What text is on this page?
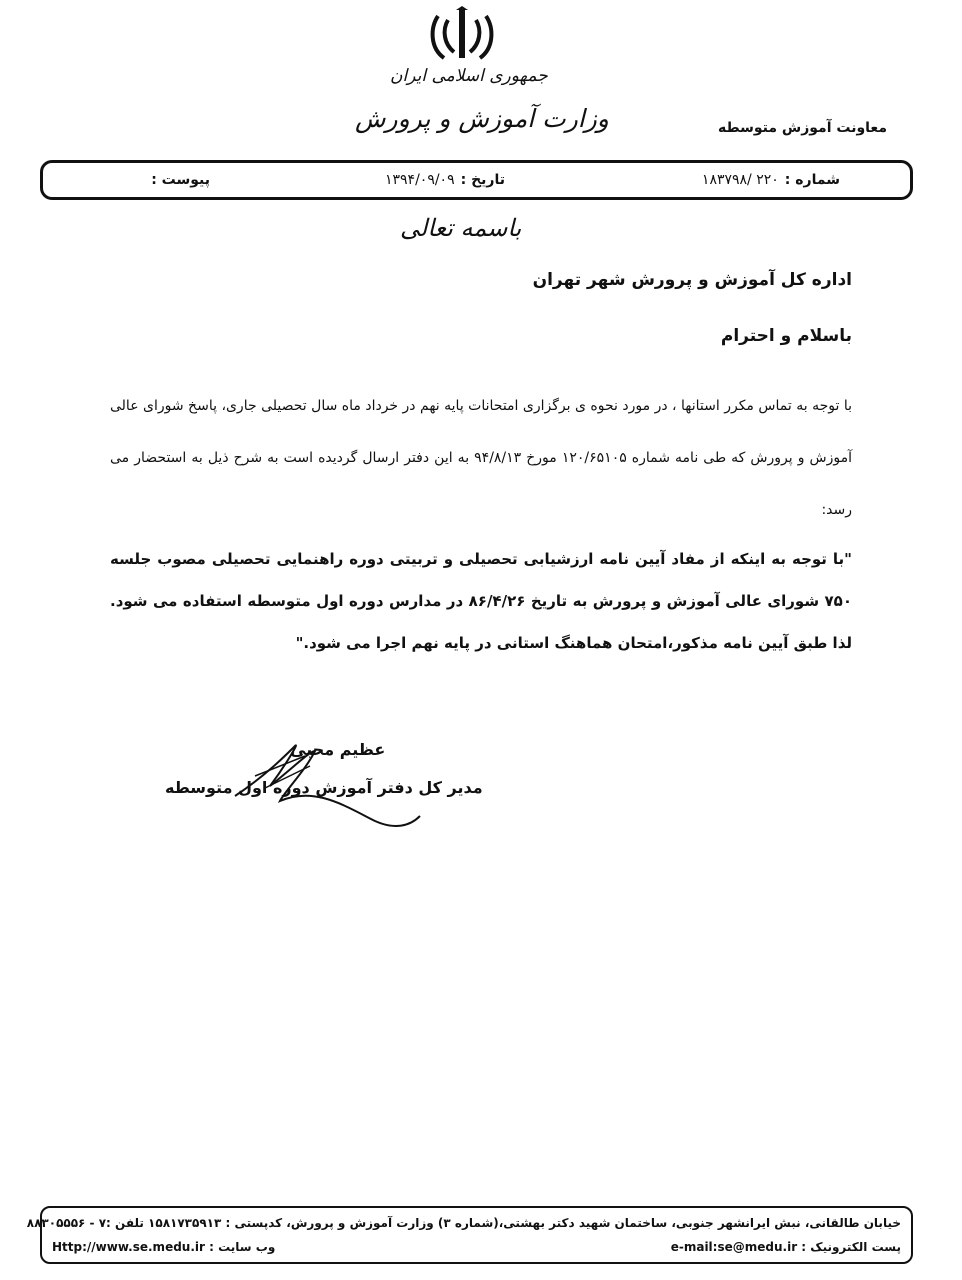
جمهوری اسلامی ایران
وزارت آموزش و پرورش	معاونت آموزش متوسطه
شماره :۲۲۰ /۱۸۳۷۹۸
تاریخ :۱۳۹۴/۰۹/۰۹
پیوست :
باسمه تعالی
اداره کل آموزش و پرورش شهر تهران
باسلام و احترام
با توجه به تماس مکرر استانها ، در مورد نحوه ی برگزاری امتحانات پایه نهم در خرداد ماه سال تحصیلی جاری، پاسخ شورای عالی آموزش و پرورش که طی نامه شماره ۱۲۰/۶۵۱۰۵ مورخ ۹۴/۸/۱۳ به این دفتر ارسال گردیده است به شرح ذیل به استحضار می رسد:
"با توجه به اینکه از مفاد آیین نامه ارزشیابی تحصیلی و تربیتی دوره راهنمایی تحصیلی مصوب جلسه ۷۵۰ شورای عالی آموزش و پرورش به تاریخ ۸۶/۴/۲۶ در مدارس دوره اول متوسطه استفاده می شود. لذا طبق آیین نامه مذکور،امتحان هماهنگ استانی در پایه نهم اجرا می شود."
عظیم محبی
مدیر کل دفتر آموزش دوره اول متوسطه
خیابان طالقانی، نبش ایرانشهر جنوبی، ساختمان شهید دکتر بهشتی،(شماره ۳) وزارت آموزش و پرورش، کدپستی : ۱۵۸۱۷۳۵۹۱۳ تلفن :۷ - ۸۸۳۰۵۵۵۶
پست الکترونیک : e-mail:se@medu.ir
وب سایت : Http://www.se.medu.ir
